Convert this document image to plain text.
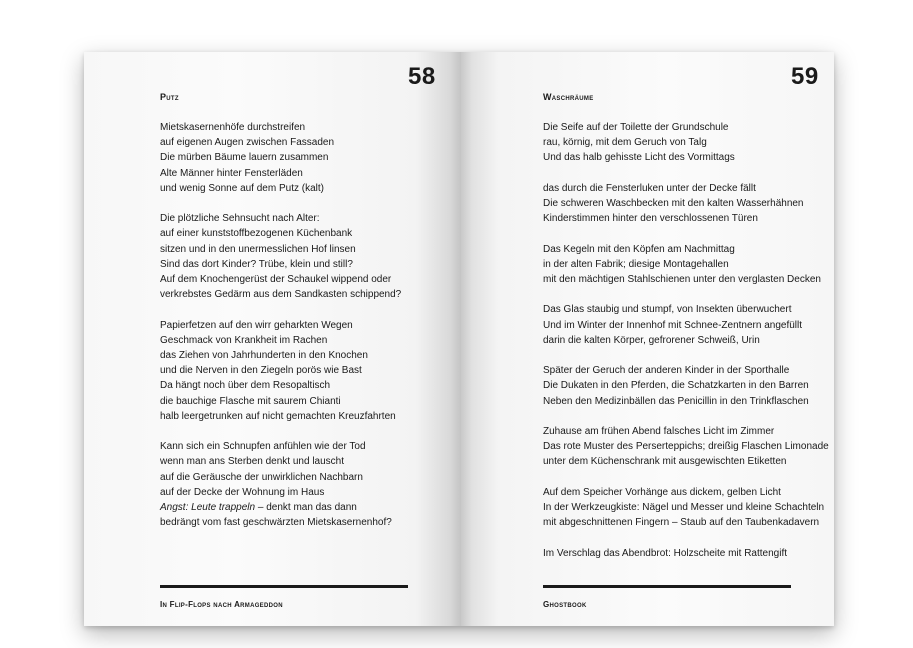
58
Putz
Mietskasernenhöfe durchstreifen
auf eigenen Augen zwischen Fassaden
Die mürben Bäume lauern zusammen
Alte Männer hinter Fensterläden
und wenig Sonne auf dem Putz (kalt)
Die plötzliche Sehnsucht nach Alter:
auf einer kunststoffbezogenen Küchenbank
sitzen und in den unermesslichen Hof linsen
Sind das dort Kinder? Trübe, klein und still?
Auf dem Knochengerüst der Schaukel wippend oder
verkrebstes Gedärm aus dem Sandkasten schippend?
Papierfetzen auf den wirr geharkten Wegen
Geschmack von Krankheit im Rachen
das Ziehen von Jahrhunderten in den Knochen
und die Nerven in den Ziegeln porös wie Bast
Da hängt noch über dem Resopaltisch
die bauchige Flasche mit saurem Chianti
halb leergetrunken auf nicht gemachten Kreuzfahrten
Kann sich ein Schnupfen anfühlen wie der Tod
wenn man ans Sterben denkt und lauscht
auf die Geräusche der unwirklichen Nachbarn
auf der Decke der Wohnung im Haus
Angst: Leute trappeln – denkt man das dann
bedrängt vom fast geschwärzten Mietskasernenhof?
In Flip-Flops nach Armageddon
59
Waschräume
Die Seife auf der Toilette der Grundschule
rau, körnig, mit dem Geruch von Talg
Und das halb gehisste Licht des Vormittags
das durch die Fensterluken unter der Decke fällt
Die schweren Waschbecken mit den kalten Wasserhähnen
Kinderstimmen hinter den verschlossenen Türen
Das Kegeln mit den Köpfen am Nachmittag
in der alten Fabrik; diesige Montagehallen
mit den mächtigen Stahlschienen unter den verglasten Decken
Das Glas staubig und stumpf, von Insekten überwuchert
Und im Winter der Innenhof mit Schnee-Zentnern angefüllt
darin die kalten Körper, gefrorener Schweiß, Urin
Später der Geruch der anderen Kinder in der Sporthalle
Die Dukaten in den Pferden, die Schatzkarten in den Barren
Neben den Medizinbällen das Penicillin in den Trinkflaschen
Zuhause am frühen Abend falsches Licht im Zimmer
Das rote Muster des Perserteppichs; dreißig Flaschen Limonade
unter dem Küchenschrank mit ausgewischten Etiketten
Auf dem Speicher Vorhänge aus dickem, gelben Licht
In der Werkzeugkiste: Nägel und Messer und kleine Schachteln
mit abgeschnittenen Fingern – Staub auf den Taubenkadavern
Im Verschlag das Abendbrot: Holzscheite mit Rattengift
Ghostbook
